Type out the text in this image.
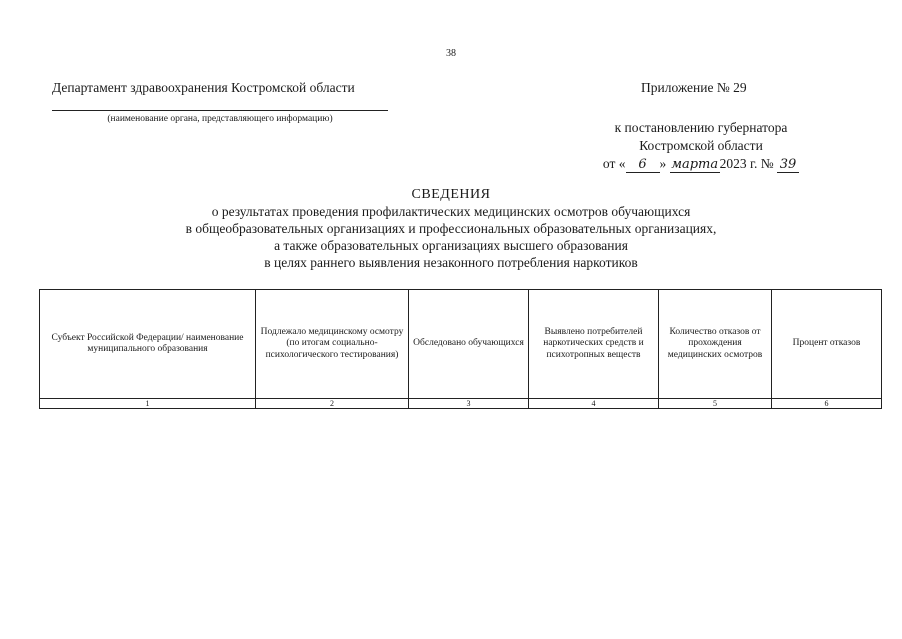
38
Департамент здравоохранения Костромской области
(наименование органа, представляющего информацию)
Приложение № 29
к постановлению губернатора
Костромской области
от « 6 » марта 2023 г. № 39
СВЕДЕНИЯ
о результатах проведения профилактических медицинских осмотров обучающихся
в общеобразовательных организациях и профессиональных образовательных организациях,
а также образовательных организациях высшего образования
в целях раннего выявления незаконного потребления наркотиков
Субъект Российской Федерации/ наименование муниципального образования	Подлежало медицинскому осмотру (по итогам социально-психологического тестирования)	Обследовано обучающихся	Выявлено потребителей наркотических средств и психотропных веществ	Количество отказов от прохождения медицинских осмотров	Процент отказов
1	2	3	4	5	6
